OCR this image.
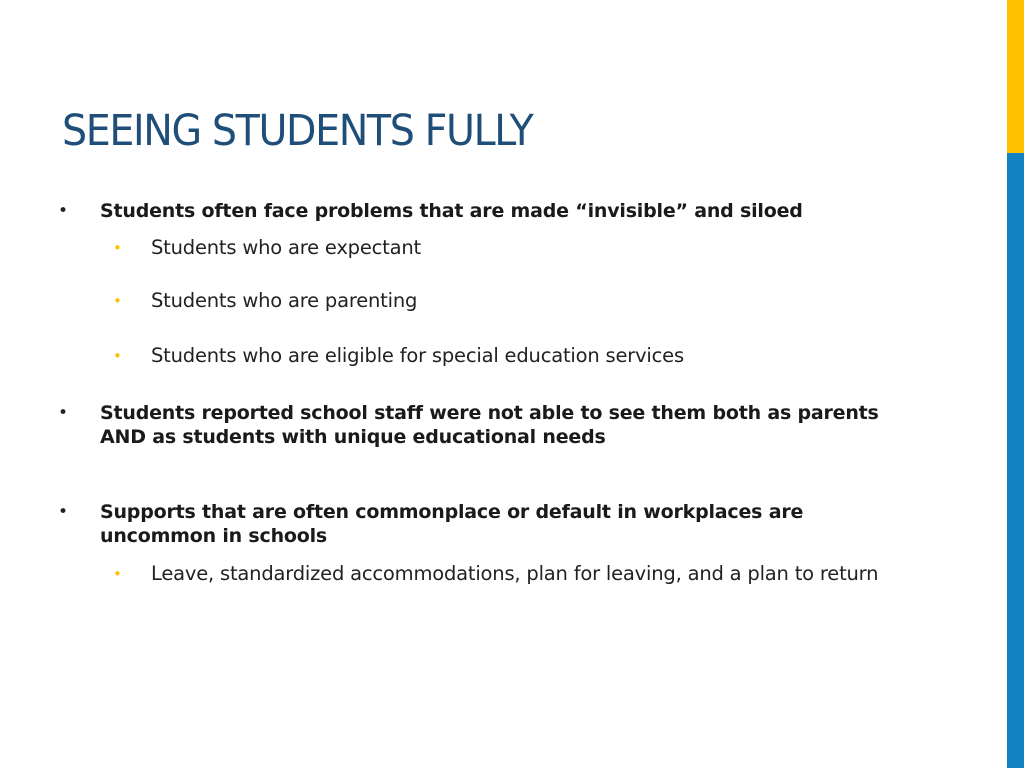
SEEING STUDENTS FULLY
• Students often face problems that are made “invisible” and siloed
• Students who are expectant
• Students who are parenting
• Students who are eligible for special education services
• Students reported school staff were not able to see them both as parents AND as students with unique educational needs
• Supports that are often commonplace or default in workplaces are uncommon in schools
• Leave, standardized accommodations, plan for leaving, and a plan to return
